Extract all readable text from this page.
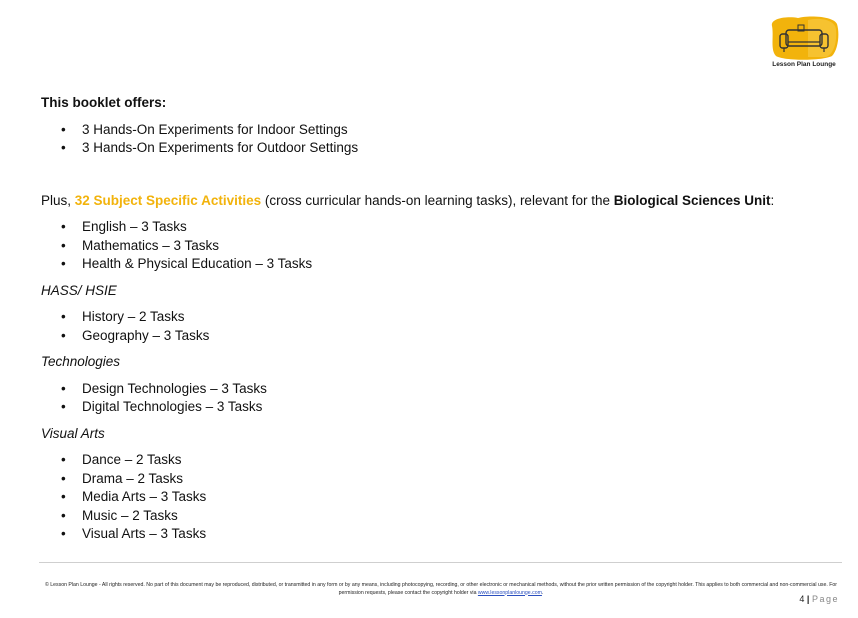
Lesson Plan Lounge
This booklet offers:
• 3 Hands-On Experiments for Indoor Settings
• 3 Hands-On Experiments for Outdoor Settings
Plus, 32 Subject Specific Activities (cross curricular hands-on learning tasks), relevant for the Biological Sciences Unit:
• English – 3 Tasks
• Mathematics – 3 Tasks
• Health & Physical Education – 3 Tasks
HASS/ HSIE
• History – 2 Tasks
• Geography – 3 Tasks
Technologies
• Design Technologies – 3 Tasks
• Digital Technologies – 3 Tasks
Visual Arts
• Dance – 2 Tasks
• Drama – 2 Tasks
• Media Arts – 3 Tasks
• Music – 2 Tasks
• Visual Arts – 3 Tasks
© Lesson Plan Lounge - All rights reserved. No part of this document may be reproduced, distributed, or transmitted in any form or by any means, including photocopying, recording, or other electronic or mechanical methods, without the prior written permission of the copyright holder. This applies to both commercial and non-commercial use. For permission requests, please contact the copyright holder via www.lessonplanlounge.com.
4 | Page
